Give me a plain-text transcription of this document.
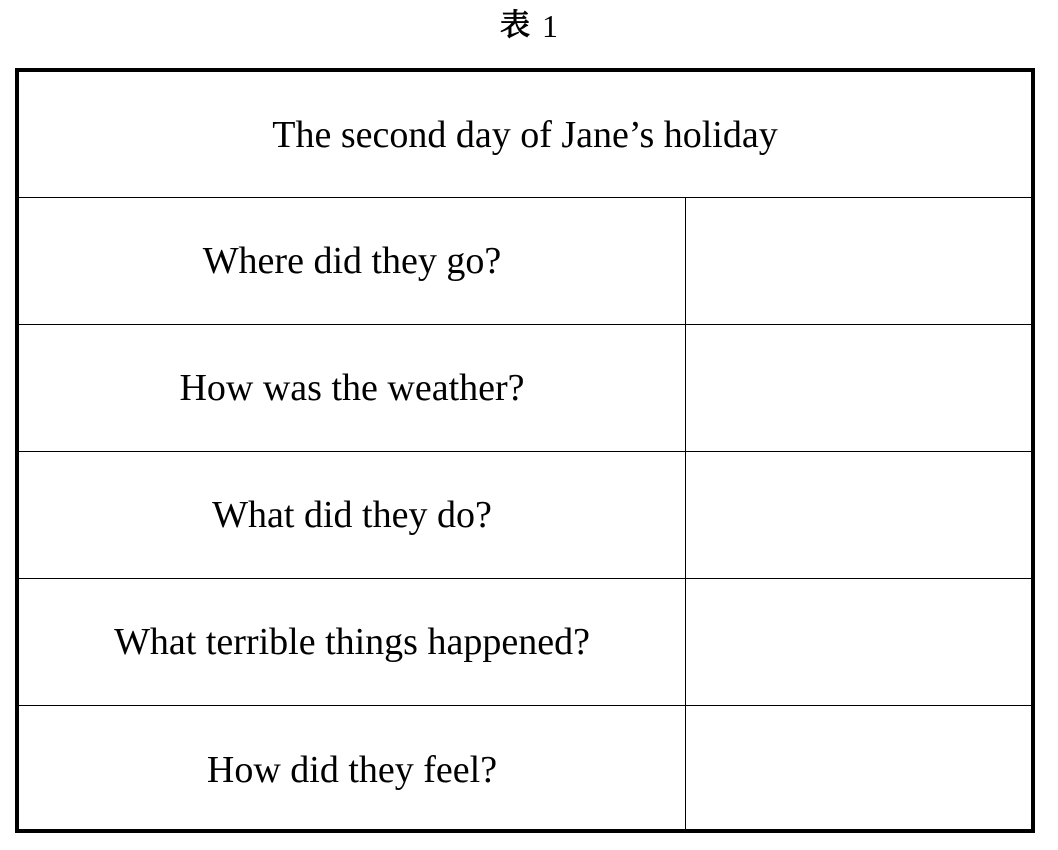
表 1
The second day of Jane’s holiday
Where did they go?
How was the weather?
What did they do?
What terrible things happened?
How did they feel?
